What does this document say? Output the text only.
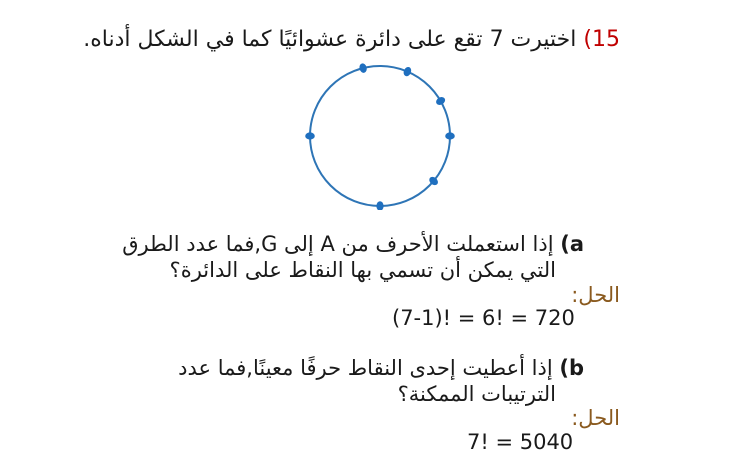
15) اختيرت 7 تقع على دائرة عشوائيًا كما في الشكل أدناه.
a) إذا استعملت الأحرف من A إلى G,فما عدد الطرق
التي يمكن أن تسمي بها النقاط على الدائرة؟
الحل:
(7-1)! = 6! = 720
b) إذا أعطيت إحدى النقاط حرفًا معينًا,فما عدد
الترتيبات الممكنة؟
الحل:
7! = 5040
